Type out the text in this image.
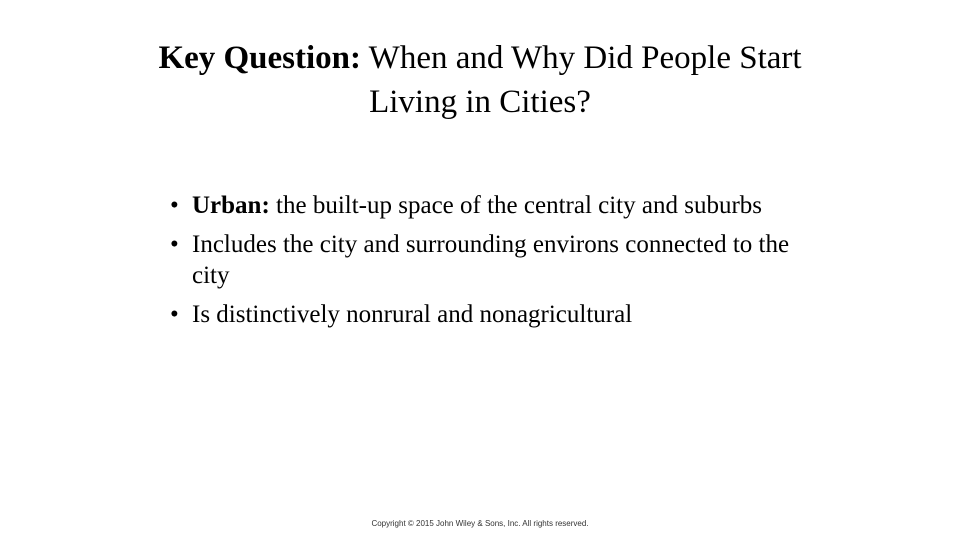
Key Question: When and Why Did People Start Living in Cities?
• Urban: the built-up space of the central city and suburbs
• Includes the city and surrounding environs connected to the city
• Is distinctively nonrural and nonagricultural
Copyright © 2015 John Wiley & Sons, Inc. All rights reserved.
